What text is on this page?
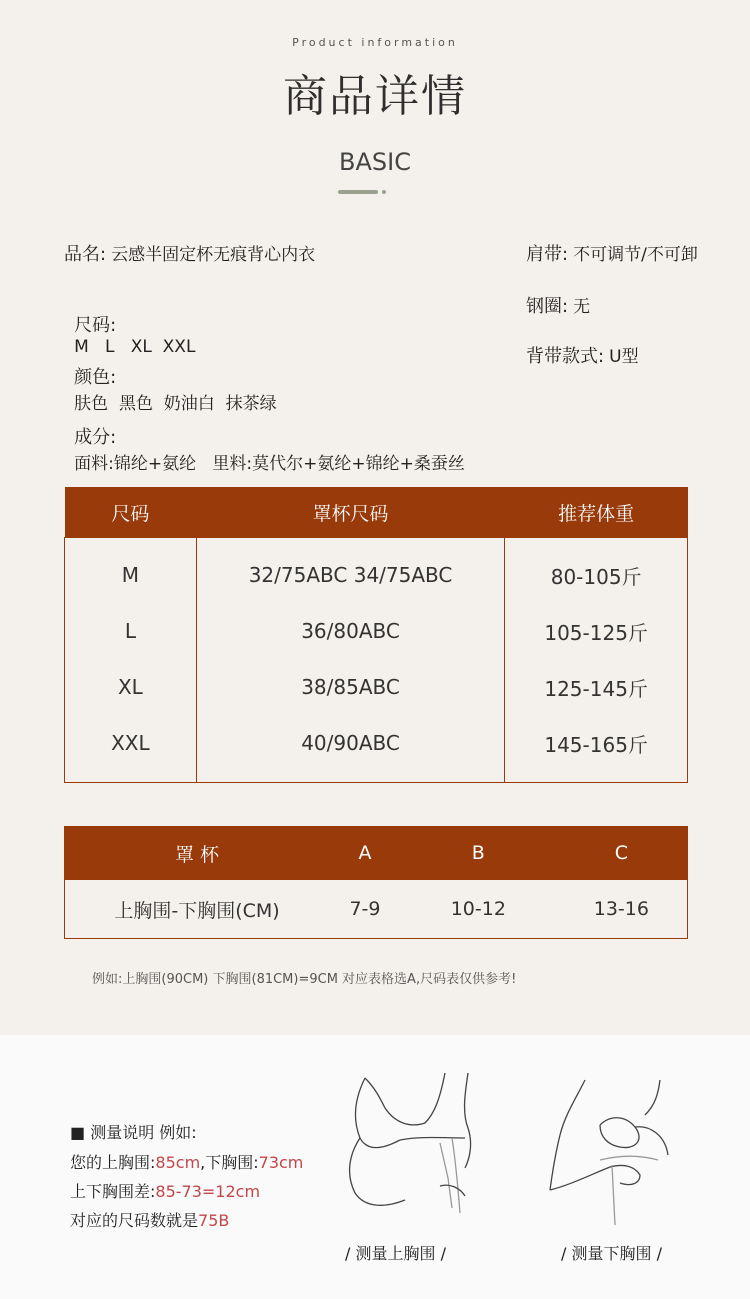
Product information
商品详情
BASIC
品名: 云感半固定杯无痕背心内衣	肩带: 不可调节/不可卸

尺码:
M   L   XL  XXL

钢圈: 无

颜色:
肤色  黑色  奶油白  抹茶绿

背带款式: U型

成分:
面料:锦纶+氨纶   里料:莫代尔+氨纶+锦纶+桑蚕丝

尺码	罩杯尺码	推荐体重
M	32/75ABC 34/75ABC	80-105斤
L	36/80ABC	105-125斤
XL	38/85ABC	125-145斤
XXL	40/90ABC	145-165斤
罩 杯	A	B	C
上胸围-下胸围(CM)	7-9	10-12	13-16
例如:上胸围(90CM) 下胸围(81CM)=9CM 对应表格选A,尺码表仅供参考!
■ 测量说明 例如:
您的上胸围:85cm,下胸围:73cm
上下胸围差:85-73=12cm
对应的尺码数就是75B
/ 测量上胸围 /	/ 测量下胸围 /
